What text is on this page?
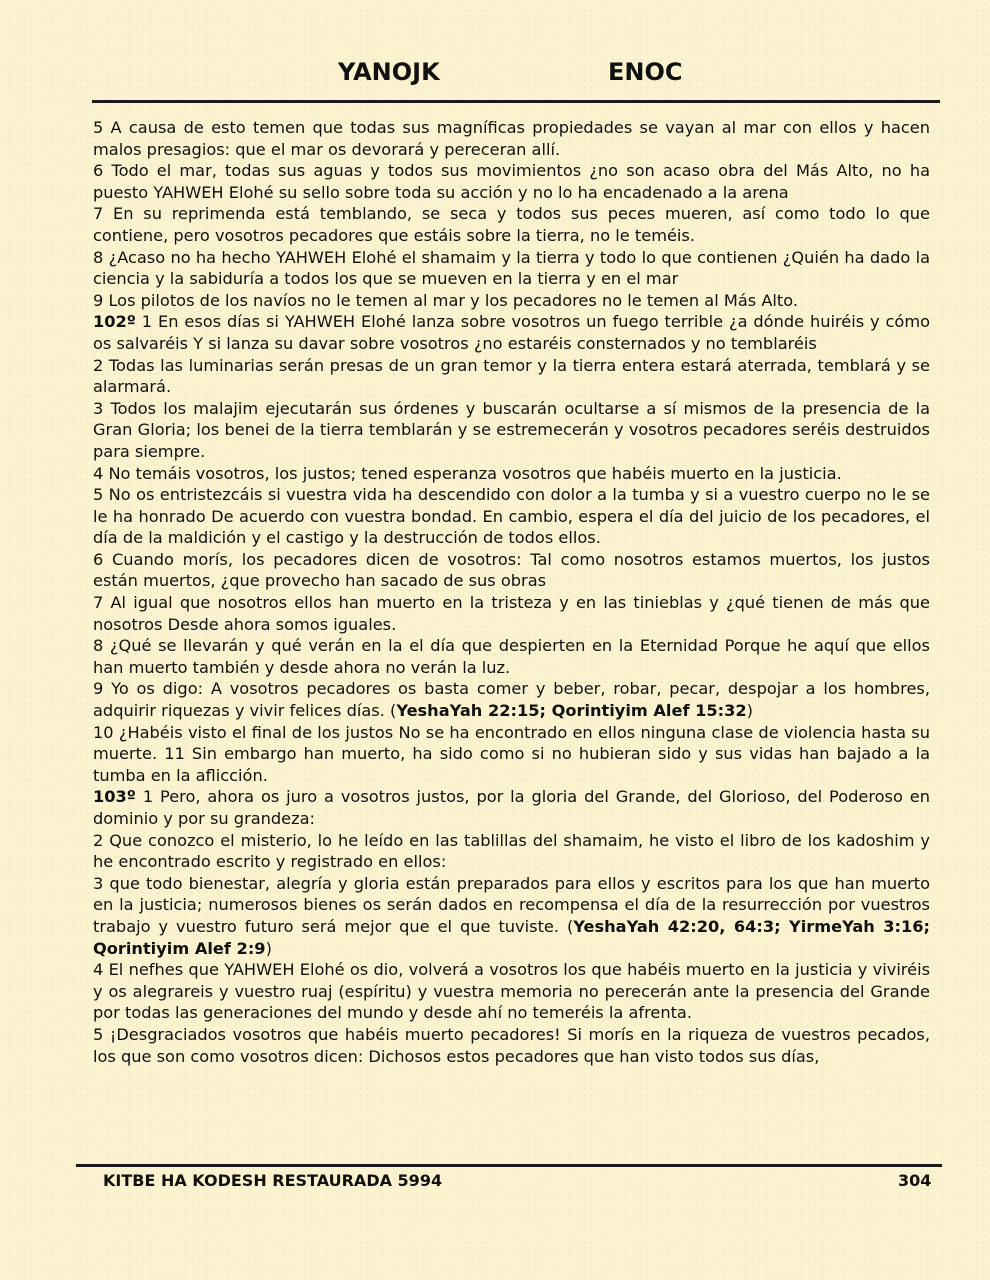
YANOJK	ENOC

5 A causa de esto temen que todas sus magníficas propiedades se vayan al mar con ellos y hacen malos presagios: que el mar os devorará y pereceran allí.

6 Todo el mar, todas sus aguas y todos sus movimientos ¿no son acaso obra del Más Alto, no ha puesto YAHWEH Elohé su sello sobre toda su acción y no lo ha encadenado a la arena

7 En su reprimenda está temblando, se seca y todos sus peces mueren, así como todo lo que contiene, pero vosotros pecadores que estáis sobre la tierra, no le teméis.

8 ¿Acaso no ha hecho YAHWEH Elohé el shamaim y la tierra y todo lo que contienen ¿Quién ha dado la ciencia y la sabiduría a todos los que se mueven en la tierra y en el mar

9 Los pilotos de los navíos no le temen al mar y los pecadores no le temen al Más Alto.

102º 1 En esos días si YAHWEH Elohé lanza sobre vosotros un fuego terrible ¿a dónde huiréis y cómo os salvaréis Y si lanza su davar sobre vosotros ¿no estaréis consternados y no temblaréis

2 Todas las luminarias serán presas de un gran temor y la tierra entera estará aterrada, temblará y se alarmará.

3 Todos los malajim ejecutarán sus órdenes y buscarán ocultarse a sí mismos de la presencia de la Gran Gloria; los benei de la tierra temblarán y se estremecerán y vosotros pecadores seréis destruidos para siempre.

4 No temáis vosotros, los justos; tened esperanza vosotros que habéis muerto en la justicia.

5 No os entristezcáis si vuestra vida ha descendido con dolor a la tumba y si a vuestro cuerpo no le se le ha honrado De acuerdo con vuestra bondad. En cambio, espera el día del juicio de los pecadores, el día de la maldición y el castigo y la destrucción de todos ellos.

6 Cuando morís, los pecadores dicen de vosotros: Tal como nosotros estamos muertos, los justos están muertos, ¿que provecho han sacado de sus obras

7 Al igual que nosotros ellos han muerto en la tristeza y en las tinieblas y ¿qué tienen de más que nosotros Desde ahora somos iguales.

8 ¿Qué se llevarán y qué verán en la el día que despierten en la Eternidad Porque he aquí que ellos han muerto también y desde ahora no verán la luz.

9 Yo os digo: A vosotros pecadores os basta comer y beber, robar, pecar, despojar a los hombres, adquirir riquezas y vivir felices días. (YeshaYah 22:15; Qorintiyim Alef 15:32)

10 ¿Habéis visto el final de los justos No se ha encontrado en ellos ninguna clase de violencia hasta su muerte. 11 Sin embargo han muerto, ha sido como si no hubieran sido y sus vidas han bajado a la tumba en la aflicción.

103º 1 Pero, ahora os juro a vosotros justos, por la gloria del Grande, del Glorioso, del Poderoso en dominio y por su grandeza:

2 Que conozco el misterio, lo he leído en las tablillas del shamaim, he visto el libro de los kadoshim y he encontrado escrito y registrado en ellos:

3 que todo bienestar, alegría y gloria están preparados para ellos y escritos para los que han muerto en la justicia; numerosos bienes os serán dados en recompensa el día de la resurrección por vuestros trabajo y vuestro futuro será mejor que el que tuviste. (YeshaYah 42:20, 64:3; YirmeYah 3:16; Qorintiyim Alef 2:9)

4 El nefhes que YAHWEH Elohé os dio, volverá a vosotros los que habéis muerto en la justicia y viviréis y os alegrareis y vuestro ruaj (espíritu) y vuestra memoria no perecerán ante la presencia del Grande por todas las generaciones del mundo y desde ahí no temeréis la afrenta.

5 ¡Desgraciados vosotros que habéis muerto pecadores! Si morís en la riqueza de vuestros pecados, los que son como vosotros dicen: Dichosos estos pecadores que han visto todos sus días,

KITBE HA KODESH RESTAURADA 5994	304
